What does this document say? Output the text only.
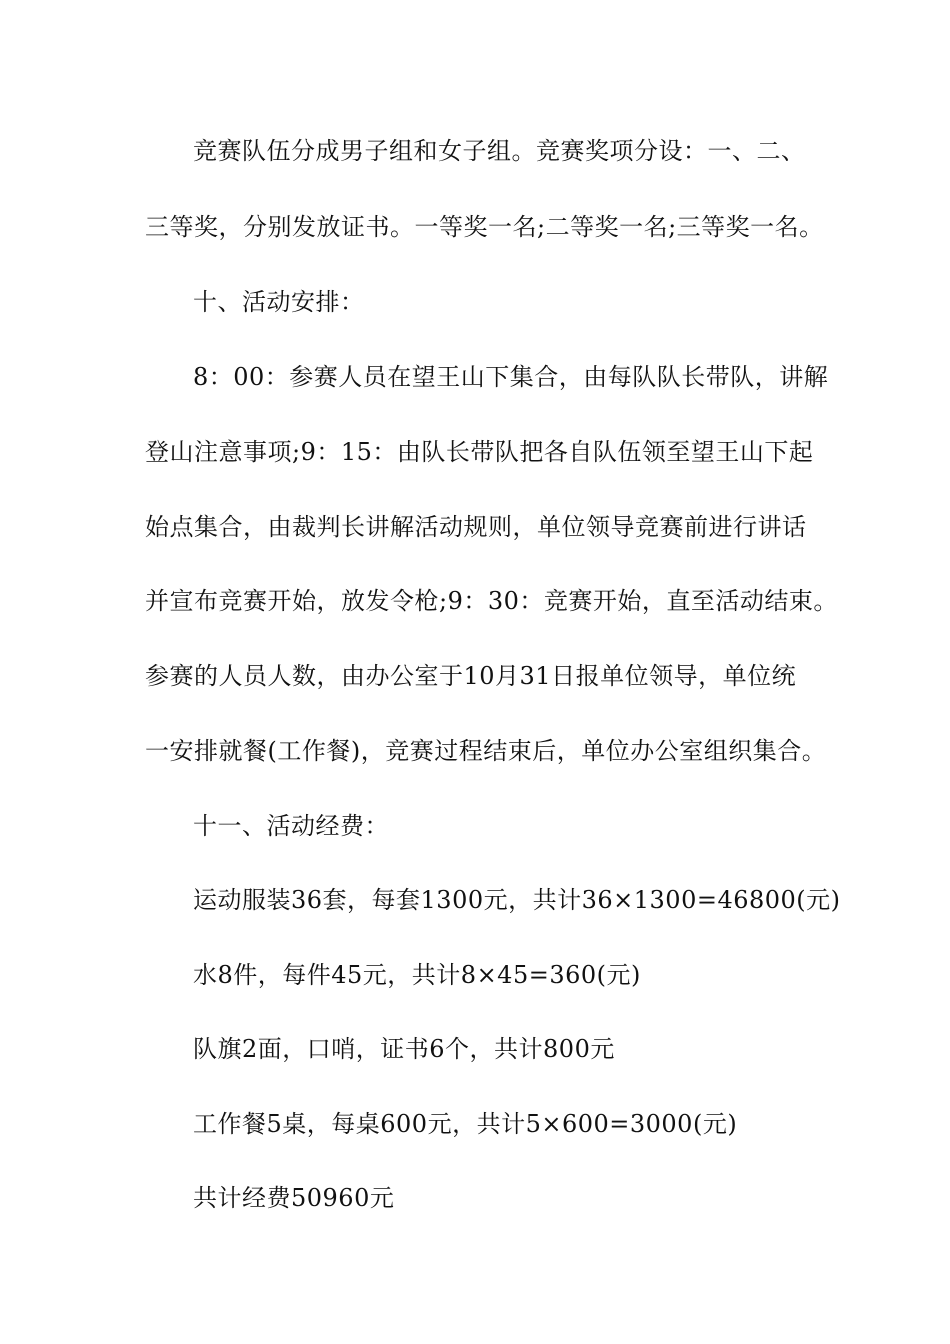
竞赛队伍分成男子组和女子组。竞赛奖项分设：一、二、
三等奖，分别发放证书。一等奖一名;二等奖一名;三等奖一名。
十、活动安排：
8：00：参赛人员在望王山下集合，由每队队长带队，讲解
登山注意事项;9：15：由队长带队把各自队伍领至望王山下起
始点集合，由裁判长讲解活动规则，单位领导竞赛前进行讲话
并宣布竞赛开始，放发令枪;9：30：竞赛开始，直至活动结束。
参赛的人员人数，由办公室于10月31日报单位领导，单位统
一安排就餐(工作餐)，竞赛过程结束后，单位办公室组织集合。
十一、活动经费：
运动服装36套，每套1300元，共计36×1300=46800(元)
水8件，每件45元，共计8×45=360(元)
队旗2面，口哨，证书6个，共计800元
工作餐5桌，每桌600元，共计5×600=3000(元)
共计经费50960元
